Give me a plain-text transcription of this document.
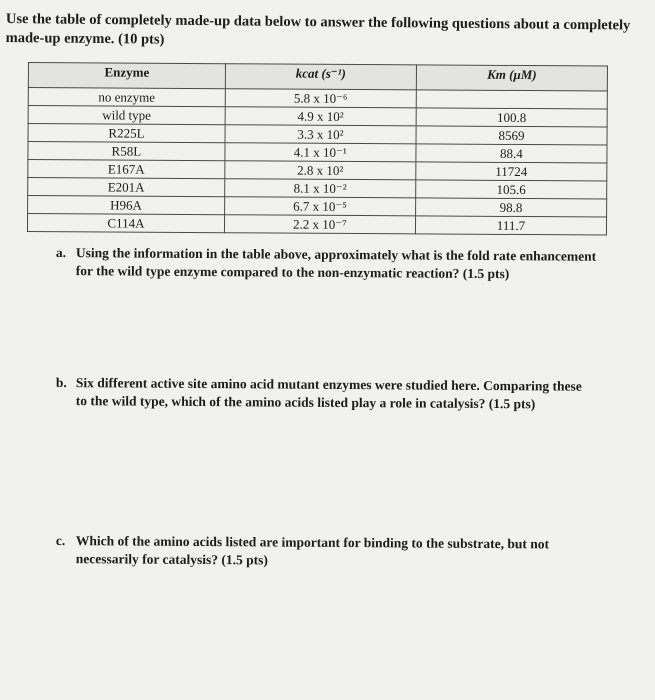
Use the table of completely made-up data below to answer the following questions about a completely
made-up enzyme. (10 pts)
Enzyme	kcat (s⁻¹)	Km (μM)
no enzyme	5.8 x 10⁻⁶	
wild type	4.9 x 10²	100.8
R225L	3.3 x 10²	8569
R58L	4.1 x 10⁻¹	88.4
E167A	2.8 x 10²	11724
E201A	8.1 x 10⁻²	105.6
H96A	6.7 x 10⁻⁵	98.8
C114A	2.2 x 10⁻⁷	111.7
a. Using the information in the table above, approximately what is the fold rate enhancement
for the wild type enzyme compared to the non-enzymatic reaction? (1.5 pts)
b. Six different active site amino acid mutant enzymes were studied here. Comparing these
to the wild type, which of the amino acids listed play a role in catalysis? (1.5 pts)
c. Which of the amino acids listed are important for binding to the substrate, but not
necessarily for catalysis? (1.5 pts)
